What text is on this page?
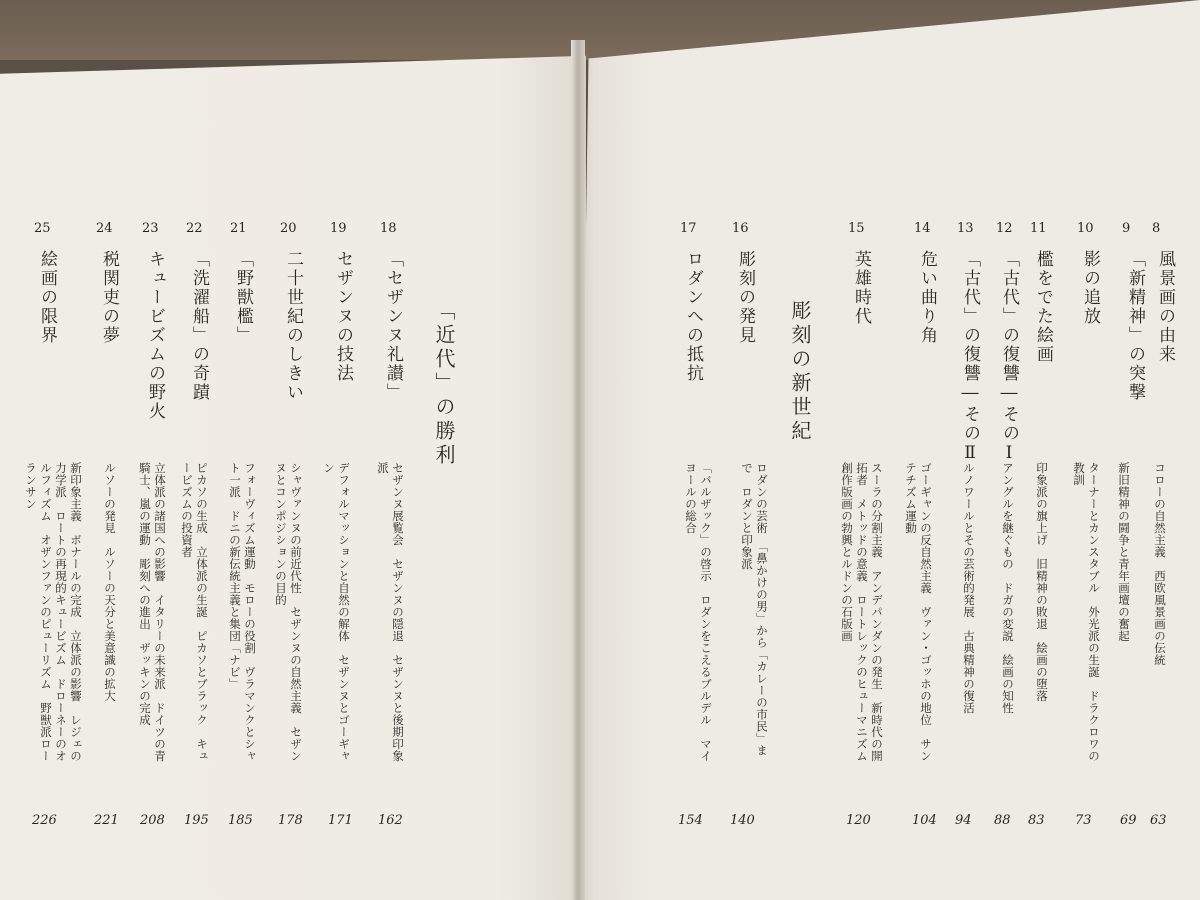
8
風景画の由来
コローの自然主義　西欧風景画の伝統
63
9
「新精神」の突撃
新旧精神の闘争と青年画壇の奮起
69
10
影の追放
ターナーとカンスタブル　外光派の生誕　ドラクロワの
教訓
73
11
檻をでた絵画
印象派の旗上げ　旧精神の敗退　絵画の堕落
83
12
「古代」の復讐―そのⅠ
アングルを継ぐもの　ドガの変説　絵画の知性
88
13
「古代」の復讐―そのⅡ
ルノワールとその芸術的発展　古典精神の復活
94
14
危い曲り角
ゴーギャンの反自然主義　ヴァン・ゴッホの地位　サン
テチズム運動
104
15
英雄時代
スーラの分割主義　アンデパンダンの発生　新時代の開
拓者　メトッドの意義　ロートレックのヒューマニズム
創作版画の勃興とルドンの石版画
120
16
彫刻の発見
ロダンの芸術　「鼻かけの男」から「カレーの市民」ま
で　ロダンと印象派
140
17
ロダンへの抵抗
「バルザック」の啓示　ロダンをこえるブルデル　マイ
ヨールの総合
154
彫刻の新世紀
18
「セザンヌ礼讃」
セザンヌ展覧会　セザンヌの隠退　セザンヌと後期印象
派
162
19
セザンヌの技法
デフォルマッションと自然の解体　セザンヌとゴーギャ
ン
171
20
二十世紀のしきい
シャヴァンヌの前近代性　セザンヌの自然主義　セザン
ヌとコンポジションの目的
178
21
「野獣檻」
フォーヴィズム運動　モローの役割　ヴラマンクとシャ
ト一派　ドニの新伝統主義と集団「ナビ」
185
22
「洗濯船」の奇蹟
ピカソの生成　立体派の生誕　ピカソとブラック　キュ
ービズムの投資者
195
23
キュービズムの野火
立体派の諸国への影響　イタリーの未来派　ドイツの青
騎士、嵐の運動　彫刻への進出　ザッキンの完成
208
24
税関吏の夢
ルソーの発見　ルソーの天分と美意識の拡大
221
25
絵画の限界
新印象主義　ボナールの完成　立体派の影響　レジェの
力学派　ロートの再現的キュービズム　ドローネーのオ
ルフィズム　オザンファンのピューリズム　野獣派ロー
ランサン
226
「近代」の勝利
